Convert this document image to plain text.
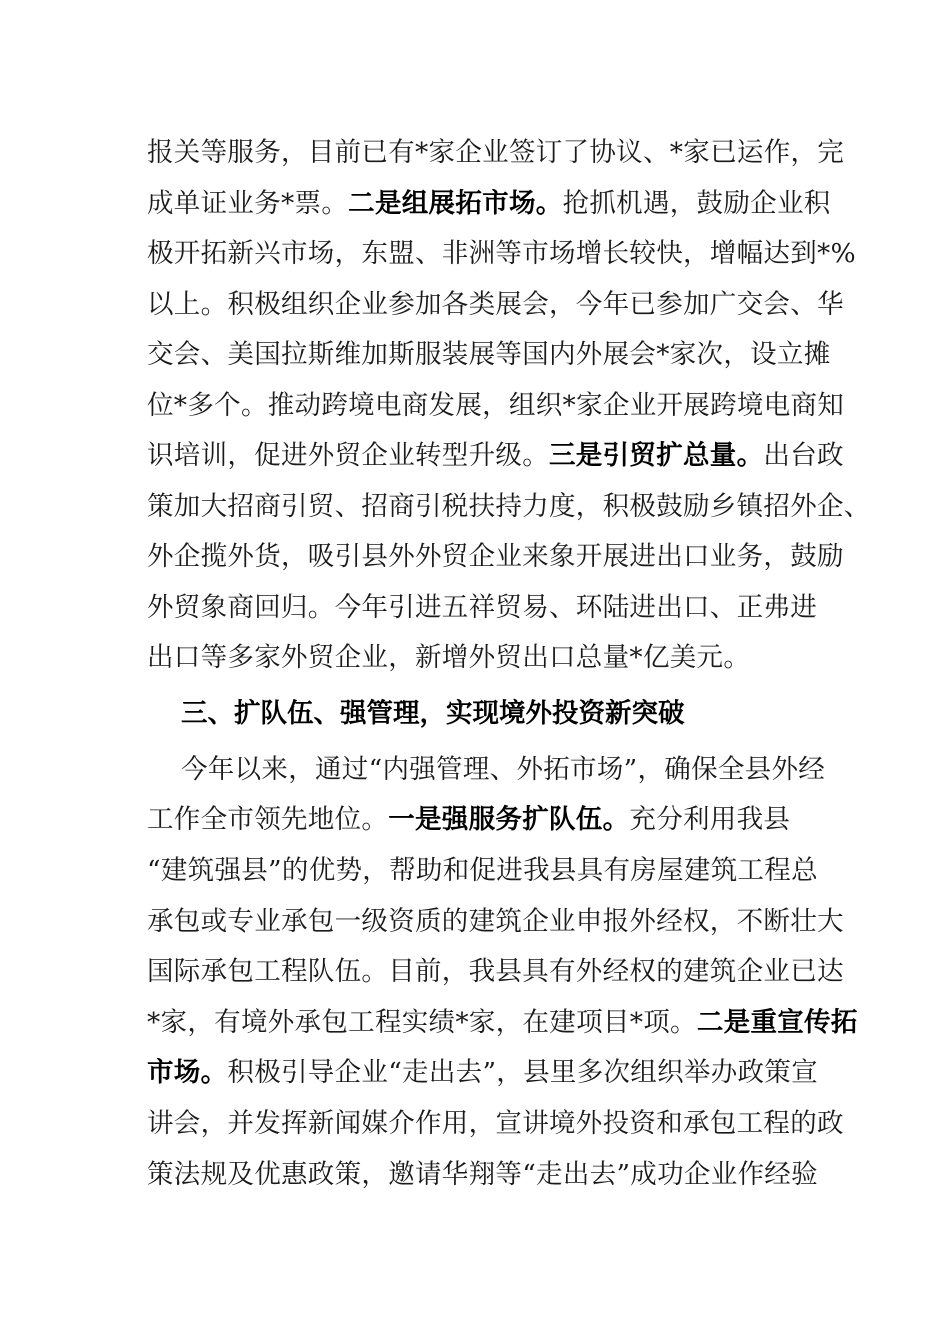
报关等服务，目前已有*家企业签订了协议、*家已运作，完
成单证业务*票。二是组展拓市场。抢抓机遇，鼓励企业积
极开拓新兴市场，东盟、非洲等市场增长较快，增幅达到*%
以上。积极组织企业参加各类展会，今年已参加广交会、华
交会、美国拉斯维加斯服装展等国内外展会*家次，设立摊
位*多个。推动跨境电商发展，组织*家企业开展跨境电商知
识培训，促进外贸企业转型升级。三是引贸扩总量。出台政
策加大招商引贸、招商引税扶持力度，积极鼓励乡镇招外企、
外企揽外货，吸引县外外贸企业来象开展进出口业务，鼓励
外贸象商回归。今年引进五祥贸易、环陆进出口、正弗进
出口等多家外贸企业，新增外贸出口总量*亿美元。
三、扩队伍、强管理，实现境外投资新突破
今年以来，通过“内强管理、外拓市场”，确保全县外经
工作全市领先地位。一是强服务扩队伍。充分利用我县
“建筑强县”的优势，帮助和促进我县具有房屋建筑工程总
承包或专业承包一级资质的建筑企业申报外经权，不断壮大
国际承包工程队伍。目前，我县具有外经权的建筑企业已达
*家，有境外承包工程实绩*家，在建项目*项。二是重宣传拓
市场。积极引导企业“走出去”，县里多次组织举办政策宣
讲会，并发挥新闻媒介作用，宣讲境外投资和承包工程的政
策法规及优惠政策，邀请华翔等“走出去”成功企业作经验
